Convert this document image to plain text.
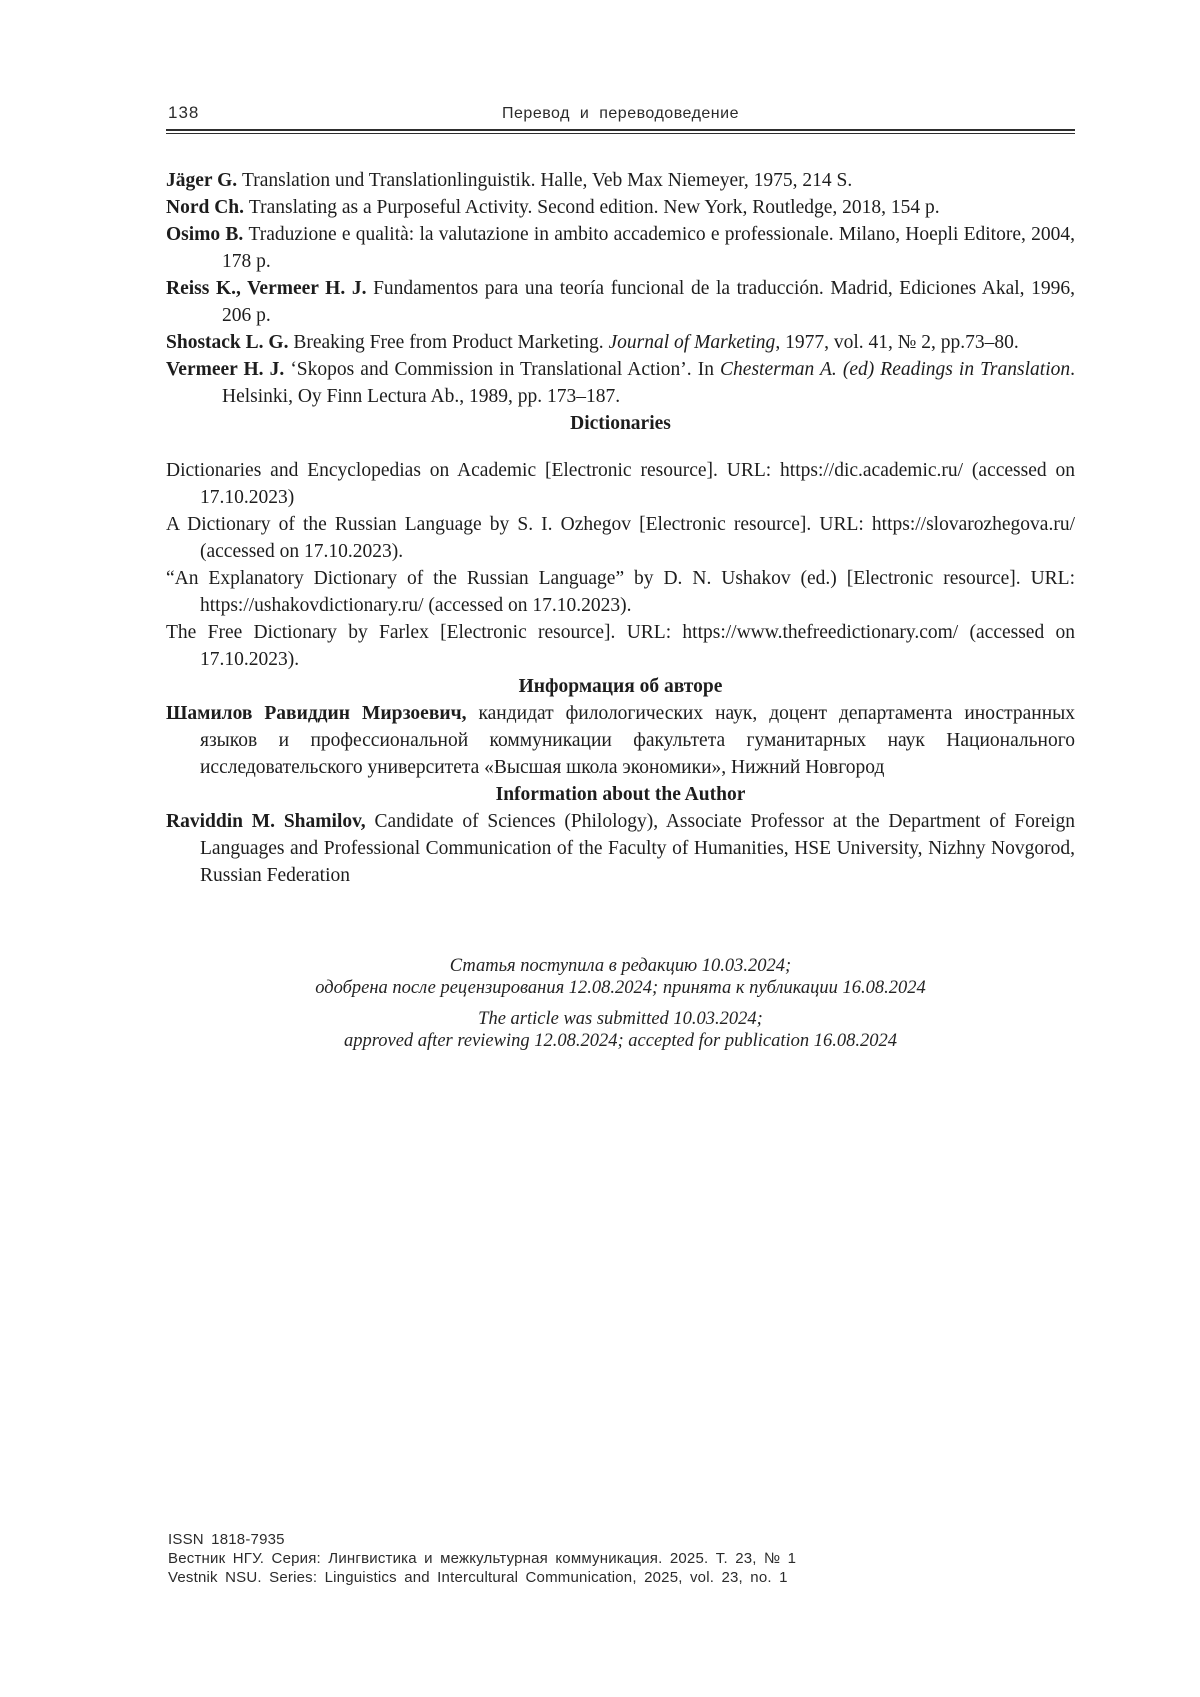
138	Перевод и переводоведение

Jäger G. Translation und Translationlinguistik. Halle, Veb Max Niemeyer, 1975, 214 S.

Nord Ch. Translating as a Purposeful Activity. Second edition. New York, Routledge, 2018, 154 p.

Osimo B. Traduzione e qualità: la valutazione in ambito accademico e professionale. Milano, Hoepli Editore, 2004, 178 p.

Reiss K., Vermeer H. J. Fundamentos para una teoría funcional de la traducción. Madrid, Ediciones Akal, 1996, 206 p.

Shostack L. G. Breaking Free from Product Marketing. Journal of Marketing, 1977, vol. 41, № 2, pp.73–80.

Vermeer H. J. ‘Skopos and Commission in Translational Action’. In Chesterman A. (ed) Readings in Translation. Helsinki, Oy Finn Lectura Ab., 1989, pp. 173–187.

Dictionaries

Dictionaries and Encyclopedias on Academic [Electronic resource]. URL: https://dic.academic.ru/ (accessed on 17.10.2023)

A Dictionary of the Russian Language by S. I. Ozhegov [Electronic resource]. URL: https://slovarozhegova.ru/ (accessed on 17.10.2023).

“An Explanatory Dictionary of the Russian Language” by D. N. Ushakov (ed.) [Electronic resource]. URL: https://ushakovdictionary.ru/ (accessed on 17.10.2023).

The Free Dictionary by Farlex [Electronic resource]. URL: https://www.thefreedictionary.com/ (accessed on 17.10.2023).

Информация об авторе

Шамилов Равиддин Мирзоевич, кандидат филологических наук, доцент департамента иностранных языков и профессиональной коммуникации факультета гуманитарных наук Национального исследовательского университета «Высшая школа экономики», Нижний Новгород

Information about the Author

Raviddin M. Shamilov, Candidate of Sciences (Philology), Associate Professor at the Department of Foreign Languages and Professional Communication of the Faculty of Humanities, HSE University, Nizhny Novgorod, Russian Federation

Статья поступила в редакцию 10.03.2024;
одобрена после рецензирования 12.08.2024; принята к публикации 16.08.2024
The article was submitted 10.03.2024;
approved after reviewing 12.08.2024; accepted for publication 16.08.2024
ISSN 1818-7935
Вестник НГУ. Серия: Лингвистика и межкультурная коммуникация. 2025. Т. 23, № 1
Vestnik NSU. Series: Linguistics and Intercultural Communication, 2025, vol. 23, no. 1
